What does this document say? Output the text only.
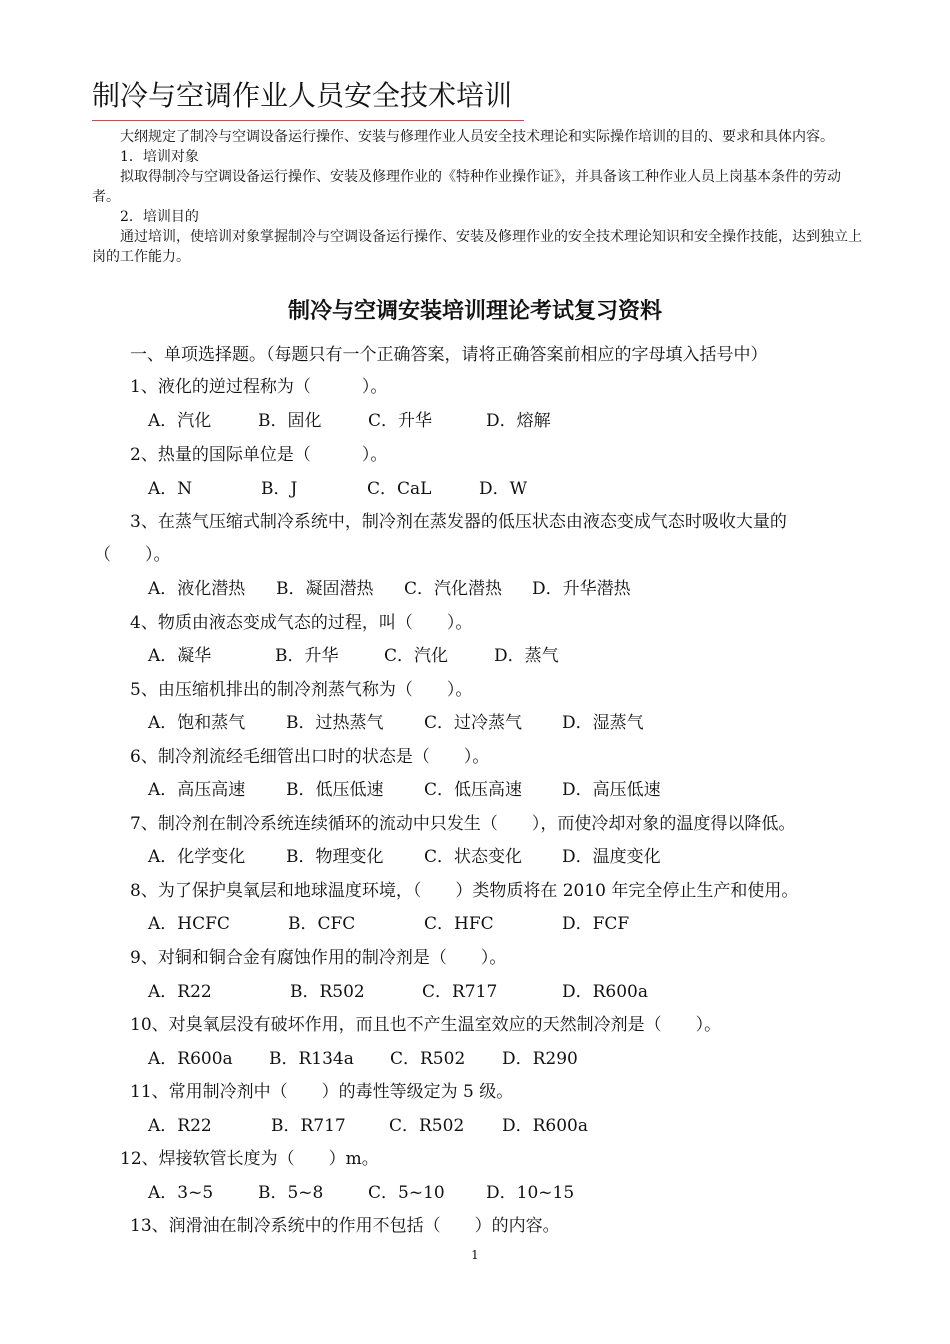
制冷与空调作业人员安全技术培训

大纲规定了制冷与空调设备运行操作、安装与修理作业人员安全技术理论和实际操作培训的目的、要求和具体内容。

1．培训对象

拟取得制冷与空调设备运行操作、安装及修理作业的《特种作业操作证》，并具备该工种作业人员上岗基本条件的劳动者。

2．培训目的

通过培训，使培训对象掌握制冷与空调设备运行操作、安装及修理作业的安全技术理论知识和安全操作技能，达到独立上岗的工作能力。

制冷与空调安装培训理论考试复习资料
一、单项选择题。（每题只有一个正确答案，请将正确答案前相应的字母填入括号中）
1、液化的逆过程称为（　　　）。
A．汽化	B．固化	C．升华	D．熔解
2、热量的国际单位是（　　　）。
A．N	B．J	C．CaL	D．W
3、在蒸气压缩式制冷系统中，制冷剂在蒸发器的低压状态由液态变成气态时吸收大量的
（　　）。
A．液化潜热 B．凝固潜热 C．汽化潜热 D．升华潜热
4、物质由液态变成气态的过程，叫（　　）。
A．凝华	B．升华	C．汽化	D．蒸气
5、由压缩机排出的制冷剂蒸气称为（　　）。
A．饱和蒸气 B．过热蒸气 C．过冷蒸气 D．湿蒸气
6、制冷剂流经毛细管出口时的状态是（　　）。
A．高压高速 B．低压低速 C．低压高速 D．高压低速
7、制冷剂在制冷系统连续循环的流动中只发生（　　），而使冷却对象的温度得以降低。
A．化学变化 B．物理变化 C．状态变化 D．温度变化
8、为了保护臭氧层和地球温度环境，（　　）类物质将在 2010 年完全停止生产和使用。
A．HCFC	B．CFC	C．HFC	D．FCF
9、对铜和铜合金有腐蚀作用的制冷剂是（　　）。
A．R22	B．R502	C．R717	D．R600a
10、对臭氧层没有破坏作用，而且也不产生温室效应的天然制冷剂是（　　）。
A．R600a B．R134a C．R502 D．R290
11、常用制冷剂中（　　）的毒性等级定为 5 级。
A．R22	B．R717	C．R502 D．R600a
12、焊接软管长度为（　　）m。
A．3~5	B．5~8	C．5~10 D．10~15
13、润滑油在制冷系统中的作用不包括（　　）的内容。
1
